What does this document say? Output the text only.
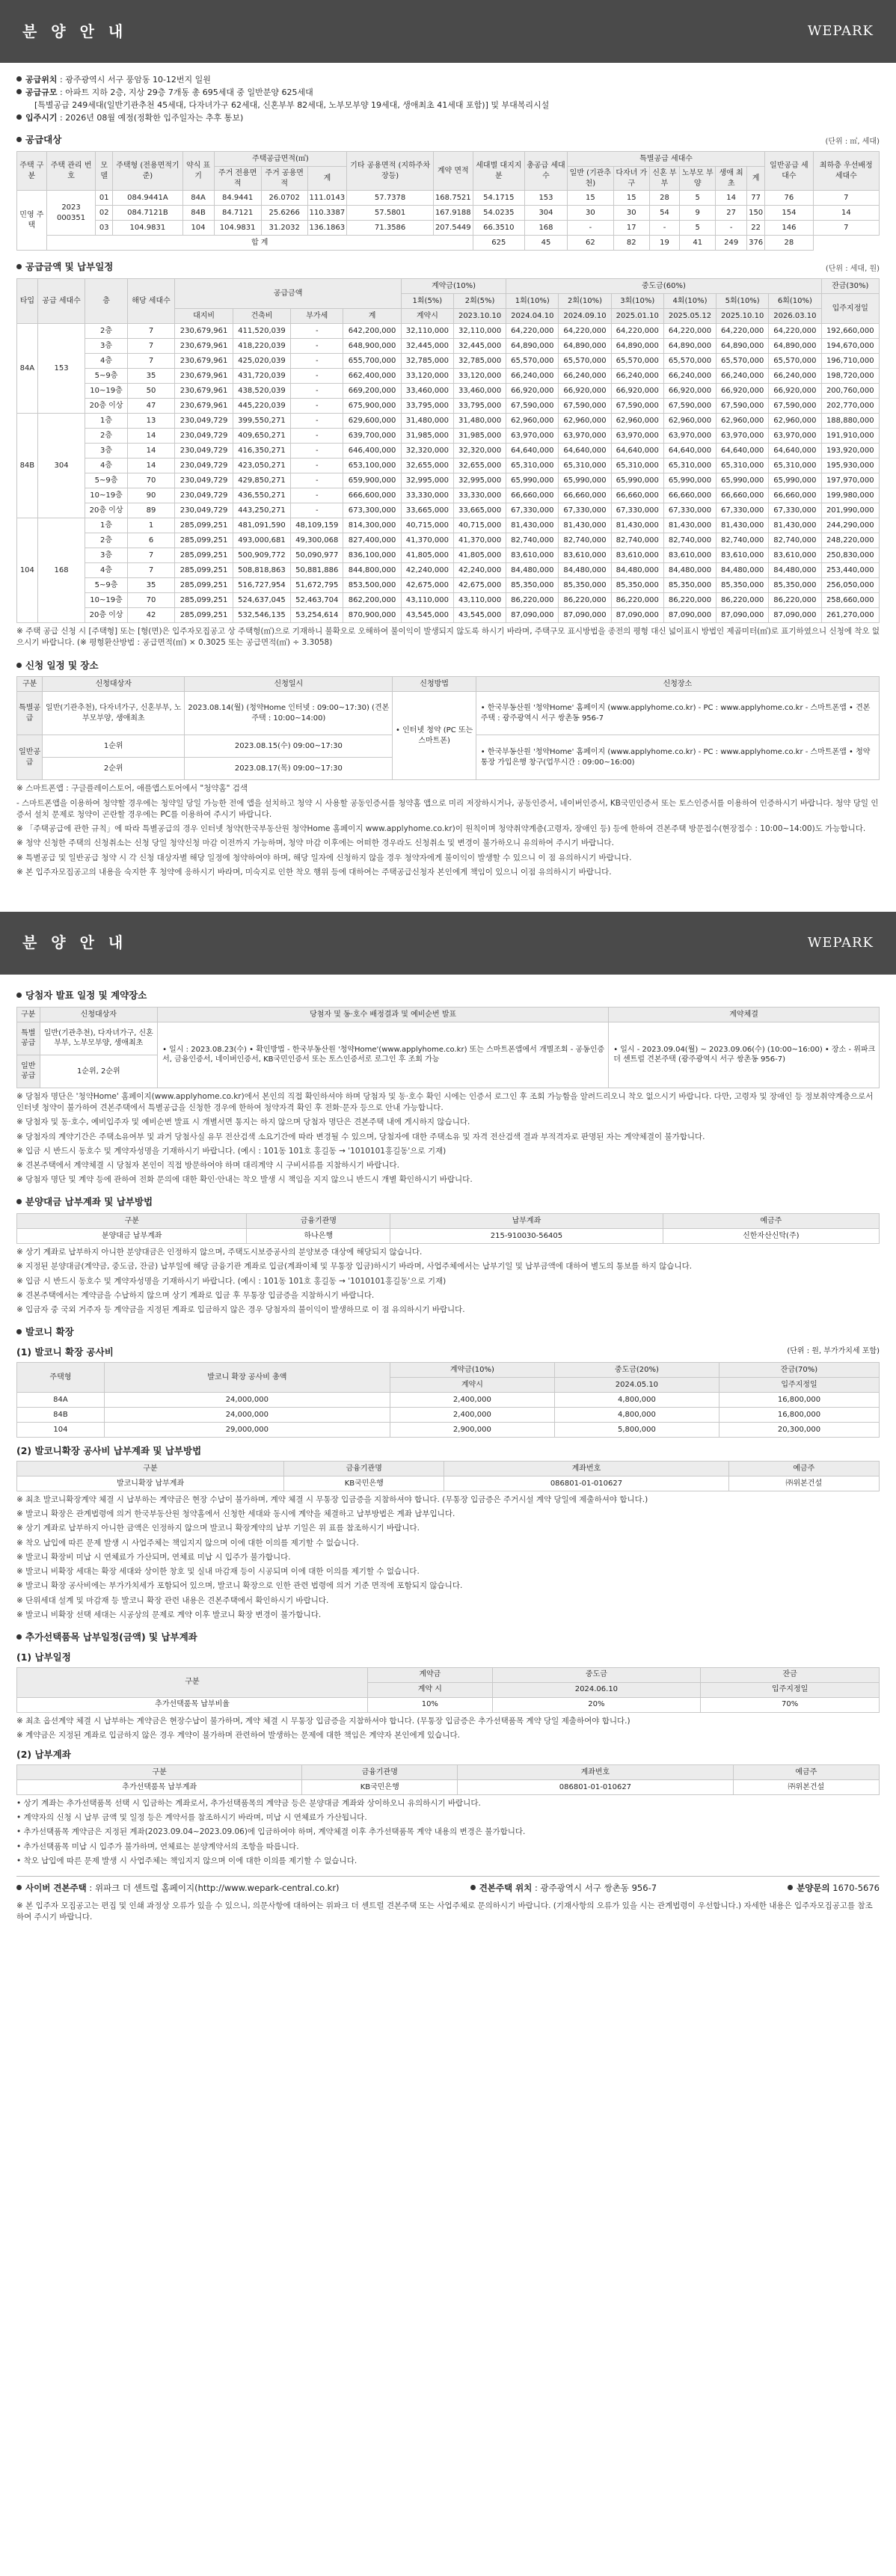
분 양 안 내	WEPARK
공급위치 : 광주광역시 서구 풍암동 10-12번지 일원
공급규모 : 아파트 지하 2층, 지상 29층 7개동 총 695세대 중 일반분양 625세대
[특별공급 249세대(일반기관추천 45세대, 다자녀가구 62세대, 신혼부부 82세대, 노부모부양 19세대, 생애최초 41세대 포함)] 및 부대복리시설
입주시기 : 2026년 08월 예정(정확한 입주일자는 추후 통보)
공급대상	(단위 : ㎡, 세대)
주택 구분	주택 관리 번호	모델	주택형 (전용면적기준)	약식 표기	주택공급면적(㎡)			기타 공용면적 (지하주차장등)	계약 면적	세대별 대지지분	총공급 세대수	특별공급 세대수						일반공급 세대수	최하층 우선배정 세대수
					주거 전용면적	주거 공용면적	계					일반 (기관추천)	다자녀 가구	신혼 부부	노부모 부양	생애 최초	계		
민영 주택	2023 000351	01	084.9441A	84A	84.9441	26.0702	111.0143	57.7378	168.7521	54.1715	153	15	15	28	5	14	77	76	7
		02	084.7121B	84B	84.7121	25.6266	110.3387	57.5801	167.9188	54.0235	304	30	30	54	9	27	150	154	14
		03	104.9831	104	104.9831	31.2032	136.1863	71.3586	207.5449	66.3510	168	-	17	-	5	-	22	146	7
	합 계									625	45	62	82	19	41	249	376	28	
공급금액 및 납부일정	(단위 : 세대, 원)
타입	공급 세대수	층	해당 세대수	공급금액				계약금(10%)		중도금(60%)						잔금(30%)
								1회(5%)	2회(5%)	1회(10%)	2회(10%)	3회(10%)	4회(10%)	5회(10%)	6회(10%)	입주지정일
				대지비	건축비	부가세	계	계약시	2023.10.10	2024.04.10	2024.09.10	2025.01.10	2025.05.12	2025.10.10	2026.03.10	
84A	153	2층	7	230,679,961	411,520,039	-	642,200,000	32,110,000	32,110,000	64,220,000	64,220,000	64,220,000	64,220,000	64,220,000	64,220,000	192,660,000
		3층	7	230,679,961	418,220,039	-	648,900,000	32,445,000	32,445,000	64,890,000	64,890,000	64,890,000	64,890,000	64,890,000	64,890,000	194,670,000
		4층	7	230,679,961	425,020,039	-	655,700,000	32,785,000	32,785,000	65,570,000	65,570,000	65,570,000	65,570,000	65,570,000	65,570,000	196,710,000
		5~9층	35	230,679,961	431,720,039	-	662,400,000	33,120,000	33,120,000	66,240,000	66,240,000	66,240,000	66,240,000	66,240,000	66,240,000	198,720,000
		10~19층	50	230,679,961	438,520,039	-	669,200,000	33,460,000	33,460,000	66,920,000	66,920,000	66,920,000	66,920,000	66,920,000	66,920,000	200,760,000
		20층 이상	47	230,679,961	445,220,039	-	675,900,000	33,795,000	33,795,000	67,590,000	67,590,000	67,590,000	67,590,000	67,590,000	67,590,000	202,770,000
84B	304	1층	13	230,049,729	399,550,271	-	629,600,000	31,480,000	31,480,000	62,960,000	62,960,000	62,960,000	62,960,000	62,960,000	62,960,000	188,880,000
		2층	14	230,049,729	409,650,271	-	639,700,000	31,985,000	31,985,000	63,970,000	63,970,000	63,970,000	63,970,000	63,970,000	63,970,000	191,910,000
		3층	14	230,049,729	416,350,271	-	646,400,000	32,320,000	32,320,000	64,640,000	64,640,000	64,640,000	64,640,000	64,640,000	64,640,000	193,920,000
		4층	14	230,049,729	423,050,271	-	653,100,000	32,655,000	32,655,000	65,310,000	65,310,000	65,310,000	65,310,000	65,310,000	65,310,000	195,930,000
		5~9층	70	230,049,729	429,850,271	-	659,900,000	32,995,000	32,995,000	65,990,000	65,990,000	65,990,000	65,990,000	65,990,000	65,990,000	197,970,000
		10~19층	90	230,049,729	436,550,271	-	666,600,000	33,330,000	33,330,000	66,660,000	66,660,000	66,660,000	66,660,000	66,660,000	66,660,000	199,980,000
		20층 이상	89	230,049,729	443,250,271	-	673,300,000	33,665,000	33,665,000	67,330,000	67,330,000	67,330,000	67,330,000	67,330,000	67,330,000	201,990,000
104	168	1층	1	285,099,251	481,091,590	48,109,159	814,300,000	40,715,000	40,715,000	81,430,000	81,430,000	81,430,000	81,430,000	81,430,000	81,430,000	244,290,000
		2층	6	285,099,251	493,000,681	49,300,068	827,400,000	41,370,000	41,370,000	82,740,000	82,740,000	82,740,000	82,740,000	82,740,000	82,740,000	248,220,000
		3층	7	285,099,251	500,909,772	50,090,977	836,100,000	41,805,000	41,805,000	83,610,000	83,610,000	83,610,000	83,610,000	83,610,000	83,610,000	250,830,000
		4층	7	285,099,251	508,818,863	50,881,886	844,800,000	42,240,000	42,240,000	84,480,000	84,480,000	84,480,000	84,480,000	84,480,000	84,480,000	253,440,000
		5~9층	35	285,099,251	516,727,954	51,672,795	853,500,000	42,675,000	42,675,000	85,350,000	85,350,000	85,350,000	85,350,000	85,350,000	85,350,000	256,050,000
		10~19층	70	285,099,251	524,637,045	52,463,704	862,200,000	43,110,000	43,110,000	86,220,000	86,220,000	86,220,000	86,220,000	86,220,000	86,220,000	258,660,000
		20층 이상	42	285,099,251	532,546,135	53,254,614	870,900,000	43,545,000	43,545,000	87,090,000	87,090,000	87,090,000	87,090,000	87,090,000	87,090,000	261,270,000
※ 주택 공급 신청 시 [주택형] 또는 [형(면)은 입주자모집공고 상 주택형(㎡)으로 기재하니 불확오로 오해하여 불이익이 발생되지 않도록 하시기 바라며, 주택구모 표시방법을 종전의 평형 대신 넓이표시 방법인 제곱미터(㎡)로 표기하였으니 신청에 착오 없으시기 바랍니다. (※ 평형환산방법 : 공급면적(㎡) × 0.3025 또는 공급면적(㎡) ÷ 3.3058)
신청 일정 및 장소
구분	신청대상자	신청일시	신청방법	신청장소
특별공급	일반(기관추천), 다자녀가구, 신혼부부, 노부모부양, 생애최초	2023.08.14(월) (청약Home 인터넷 : 09:00~17:30) (견본주택 : 10:00~14:00)	• 인터넷 청약 (PC 또는 스마트폰)	• 한국부동산원 '청약Home' 홈페이지 (www.applyhome.co.kr) - PC : www.applyhome.co.kr - 스마트폰앱 • 견본주택 : 광주광역시 서구 쌍촌동 956-7
일반공급	1순위	2023.08.15(수) 09:00~17:30		• 한국부동산원 '청약Home' 홈페이지 (www.applyhome.co.kr) - PC : www.applyhome.co.kr - 스마트폰앱 • 청약통장 가입은행 창구(업무시간 : 09:00~16:00)
	2순위	2023.08.17(목) 09:00~17:30		
※ 스마트폰앱 : 구글플레이스토어, 애플앱스토어에서 "청약홈" 검색
- 스마트폰앱을 이용하여 청약할 경우에는 청약일 당일 가능한 전에 앱을 설치하고 청약 시 사용할 공동인증서를 청약홈 앱으로 미리 저장하시거나, 공동인증서, 네이버인증서, KB국민인증서 또는 토스인증서를 이용하여 인증하시기 바랍니다. 청약 당일 인증서 설치 문제로 청약이 곤란할 경우에는 PC를 이용하여 주시기 바랍니다.
※ 「주택공급에 관한 규칙」에 따라 특별공급의 경우 인터넷 청약(한국부동산원 청약Home 홈페이지 www.applyhome.co.kr)이 원칙이며 청약취약계층(고령자, 장애인 등) 등에 한하여 견본주택 방문접수(현장접수 : 10:00~14:00)도 가능합니다.
※ 청약 신청한 주택의 신청취소는 신청 당일 청약신청 마감 이전까지 가능하며, 청약 마감 이후에는 어떠한 경우라도 신청취소 및 변경이 불가하오니 유의하여 주시기 바랍니다.
※ 특별공급 및 일반공급 청약 시 각 신청 대상자별 해당 일정에 청약하여야 하며, 해당 일자에 신청하지 않을 경우 청약자에게 불이익이 발생할 수 있으니 이 점 유의하시기 바랍니다.
※ 본 입주자모집공고의 내용을 숙지한 후 청약에 응하시기 바라며, 미숙지로 인한 착오 행위 등에 대하여는 주택공급신청자 본인에게 책임이 있으니 이점 유의하시기 바랍니다.
분 양 안 내	WEPARK
당첨자 발표 일정 및 계약장소
구분	신청대상자	당첨자 및 동·호수 배정결과 및 예비순번 발표	계약체결
특별공급	일반(기관추천), 다자녀가구, 신혼부부, 노부모부양, 생애최초	• 일시 : 2023.08.23(수) • 확인방법 - 한국부동산원 '청약Home'(www.applyhome.co.kr) 또는 스마트폰앱에서 개별조회 - 공동인증서, 금융인증서, 네이버인증서, KB국민인증서 또는 토스인증서로 로그인 후 조회 가능	• 일시 - 2023.09.04(월) ~ 2023.09.06(수) (10:00~16:00) • 장소 - 위파크 더 센트럴 견본주택 (광주광역시 서구 쌍촌동 956-7)
일반공급	1순위, 2순위		
※ 당첨자 명단은 '청약Home' 홈페이지(www.applyhome.co.kr)에서 본인의 직접 확인하셔야 하며 당첨자 및 동·호수 확인 시에는 인증서 로그인 후 조회 가능함을 알려드리오니 착오 없으시기 바랍니다. 다만, 고령자 및 장애인 등 정보취약계층으로서 인터넷 청약이 불가하여 견본주택에서 특별공급을 신청한 경우에 한하여 청약자격 확인 후 전화·문자 등으로 안내 가능합니다.
※ 당첨자 및 동·호수, 예비입주자 및 예비순번 발표 시 개별서면 통지는 하지 않으며 당첨자 명단은 견본주택 내에 게시하지 않습니다.
※ 당첨자의 계약기간은 주택소유여부 및 과거 당첨사실 유무 전산검색 소요기간에 따라 변경될 수 있으며, 당첨자에 대한 주택소유 및 자격 전산검색 결과 부적격자로 판명된 자는 계약체결이 불가합니다.
※ 입금 시 반드시 동호수 및 계약자성명을 기재하시기 바랍니다. (예시 : 101동 101호 홍길동 → '1010101홍길동'으로 기재)
※ 견본주택에서 계약체결 시 당첨자 본인이 직접 방문하여야 하며 대리계약 시 구비서류를 지참하시기 바랍니다.
※ 당첨자 명단 및 계약 등에 관하여 전화 문의에 대한 확인·안내는 착오 발생 시 책임을 지지 않으니 반드시 개별 확인하시기 바랍니다.
분양대금 납부계좌 및 납부방법
구분	금융기관명	납부계좌	예금주
분양대금 납부계좌	하나은행	215-910030-56405	신한자산신탁(주)
※ 상기 계좌로 납부하지 아니한 분양대금은 인정하지 않으며, 주택도시보증공사의 분양보증 대상에 해당되지 않습니다.
※ 지정된 분양대금(계약금, 중도금, 잔금) 납부일에 해당 금융기관 계좌로 입금(계좌이체 및 무통장 입금)하시기 바라며, 사업주체에서는 납부기일 및 납부금액에 대하여 별도의 통보를 하지 않습니다.
※ 입금 시 반드시 동호수 및 계약자성명을 기재하시기 바랍니다. (예시 : 101동 101호 홍길동 → '1010101홍길동'으로 기재)
※ 견본주택에서는 계약금을 수납하지 않으며 상기 계좌로 입금 후 무통장 입금증을 지참하시기 바랍니다.
※ 입금자 중 국외 거주자 등 계약금을 지정된 계좌로 입금하지 않은 경우 당첨자의 불이익이 발생하므로 이 점 유의하시기 바랍니다.
발코니 확장
(1) 발코니 확장 공사비	(단위 : 원, 부가가치세 포함)
주택형	발코니 확장 공사비 총액	계약금(10%)	중도금(20%)	잔금(70%)
		계약시	2024.05.10	입주지정일
84A	24,000,000	2,400,000	4,800,000	16,800,000
84B	24,000,000	2,400,000	4,800,000	16,800,000
104	29,000,000	2,900,000	5,800,000	20,300,000
(2) 발코니확장 공사비 납부계좌 및 납부방법
구분	금융기관명	계좌번호	예금주
발코니확장 납부계좌	KB국민은행	086801-01-010627	㈜위본건설
※ 최초 발코니확장계약 체결 시 납부하는 계약금은 현장 수납이 불가하며, 계약 체결 시 무통장 입금증을 지참하셔야 합니다. (무통장 입금증은 주거시설 계약 당일에 제출하셔야 합니다.)
※ 발코니 확장은 관계법령에 의거 한국부동산원 청약홈에서 신청한 세대와 동시에 계약을 체결하고 납부방법은 계좌 납부입니다.
※ 상기 계좌로 납부하지 아니한 금액은 인정하지 않으며 발코니 확장계약의 납부 기일은 위 표를 참조하시기 바랍니다.
※ 착오 납입에 따른 문제 발생 시 사업주체는 책임지지 않으며 이에 대한 이의를 제기할 수 없습니다.
※ 발코니 확장비 미납 시 연체료가 가산되며, 연체료 미납 시 입주가 불가합니다.
※ 발코니 비확장 세대는 확장 세대와 상이한 창호 및 실내 마감재 등이 시공되며 이에 대한 이의를 제기할 수 없습니다.
※ 발코니 확장 공사비에는 부가가치세가 포함되어 있으며, 발코니 확장으로 인한 관련 법령에 의거 기준 면적에 포함되지 않습니다.
※ 단위세대 설계 및 마감재 등 발코니 확장 관련 내용은 견본주택에서 확인하시기 바랍니다.
※ 발코니 비확장 선택 세대는 시공상의 문제로 계약 이후 발코니 확장 변경이 불가합니다.
추가선택품목 납부일정(금액) 및 납부계좌
(1) 납부일정
구분	계약금	중도금	잔금
	계약 시	2024.06.10	입주지정일
추가선택품목 납부비율	10%	20%	70%
※ 최초 옵션계약 체결 시 납부하는 계약금은 현장수납이 불가하며, 계약 체결 시 무통장 입금증을 지참하셔야 합니다. (무통장 입금증은 추가선택품목 계약 당일 제출하여야 합니다.)
※ 계약금은 지정된 계좌로 입금하지 않은 경우 계약이 불가하며 관련하여 발생하는 문제에 대한 책임은 계약자 본인에게 있습니다.
(2) 납부계좌
구분	금융기관명	계좌번호	예금주
추가선택품목 납부계좌	KB국민은행	086801-01-010627	㈜위본건설
• 상기 계좌는 추가선택품목 선택 시 입금하는 계좌로서, 추가선택품목의 계약금 등은 분양대금 계좌와 상이하오니 유의하시기 바랍니다.
• 계약자의 신청 시 납부 금액 및 일정 등은 계약서를 참조하시기 바라며, 미납 시 연체료가 가산됩니다.
• 추가선택품목 계약금은 지정된 계좌(2023.09.04~2023.09.06)에 입금하여야 하며, 계약체결 이후 추가선택품목 계약 내용의 변경은 불가합니다.
• 추가선택품목 미납 시 입주가 불가하며, 연체료는 분양계약서의 조항을 따릅니다.
• 착오 납입에 따른 문제 발생 시 사업주체는 책임지지 않으며 이에 대한 이의를 제기할 수 없습니다.
사이버 견본주택 : 위파크 더 센트럴 홈페이지(http://www.wepark-central.co.kr)	견본주택 위치 : 광주광역시 서구 쌍촌동 956-7	분양문의 1670-5676
※ 본 입주자 모집공고는 편집 및 인쇄 과정상 오류가 있을 수 있으니, 의문사항에 대하여는 위파크 더 센트럴 견본주택 또는 사업주체로 문의하시기 바랍니다. (기재사항의 오류가 있을 시는 관계법령이 우선합니다.) 자세한 내용은 입주자모집공고를 참조하여 주시기 바랍니다.
